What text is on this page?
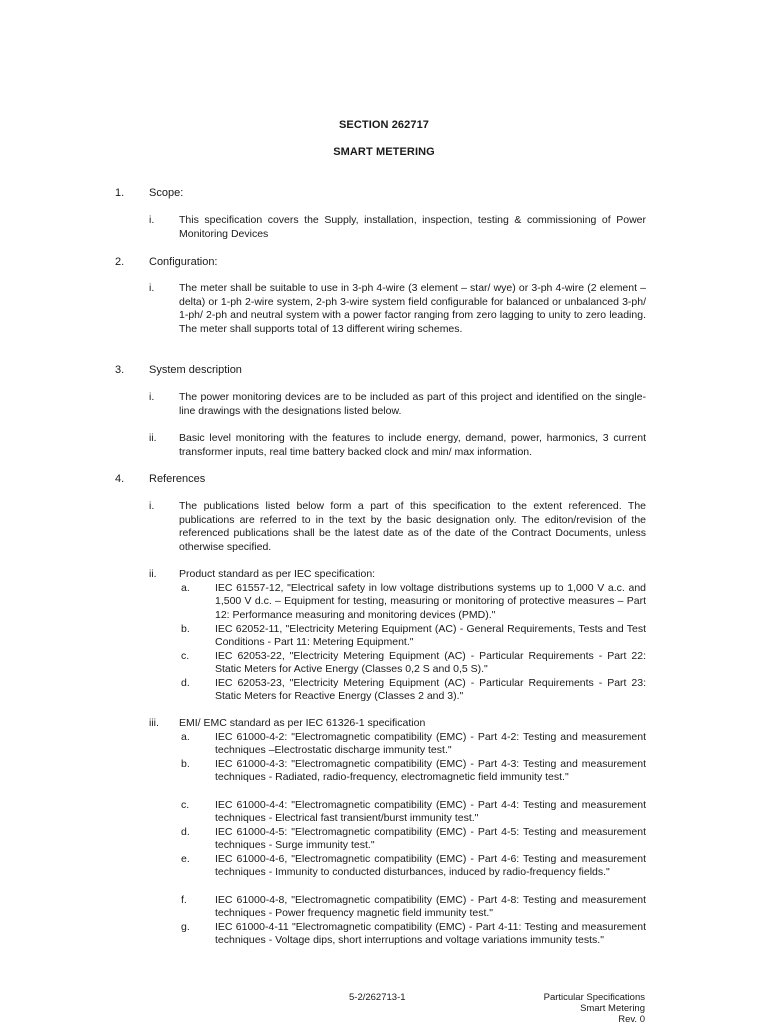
SECTION 262717
SMART METERING
1. Scope:
i. This specification covers the Supply, installation, inspection, testing & commissioning of Power Monitoring Devices
2. Configuration:
i. The meter shall be suitable to use in 3-ph 4-wire (3 element – star/ wye) or 3-ph 4-wire (2 element – delta) or 1-ph 2-wire system, 2-ph 3-wire system field configurable for balanced or unbalanced 3-ph/ 1-ph/ 2-ph and neutral system with a power factor ranging from zero lagging to unity to zero leading. The meter shall supports total of 13 different wiring schemes.
3. System description
i. The power monitoring devices are to be included as part of this project and identified on the single-line drawings with the designations listed below.
ii. Basic level monitoring with the features to include energy, demand, power, harmonics, 3 current transformer inputs, real time battery backed clock and min/ max information.
4. References
i. The publications listed below form a part of this specification to the extent referenced. The publications are referred to in the text by the basic designation only. The editon/revision of the referenced publications shall be the latest date as of the date of the Contract Documents, unless otherwise specified.
ii. Product standard as per IEC specification:
a. IEC 61557-12, "Electrical safety in low voltage distributions systems up to 1,000 V a.c. and 1,500 V d.c. – Equipment for testing, measuring or monitoring of protective measures – Part 12: Performance measuring and monitoring devices (PMD)."
b. IEC 62052-11, "Electricity Metering Equipment (AC) - General Requirements, Tests and Test Conditions - Part 11: Metering Equipment."
c. IEC 62053-22, "Electricity Metering Equipment (AC) - Particular Requirements - Part 22: Static Meters for Active Energy (Classes 0,2 S and 0,5 S)."
d. IEC 62053-23, "Electricity Metering Equipment (AC) - Particular Requirements - Part 23: Static Meters for Reactive Energy (Classes 2 and 3)."
iii. EMI/ EMC standard as per IEC 61326-1 specification
a. IEC 61000-4-2: "Electromagnetic compatibility (EMC) - Part 4-2: Testing and measurement techniques –Electrostatic discharge immunity test."
b. IEC 61000-4-3: "Electromagnetic compatibility (EMC) - Part 4-3: Testing and measurement techniques - Radiated, radio-frequency, electromagnetic field immunity test."
c. IEC 61000-4-4: "Electromagnetic compatibility (EMC) - Part 4-4: Testing and measurement techniques - Electrical fast transient/burst immunity test."
d. IEC 61000-4-5: "Electromagnetic compatibility (EMC) - Part 4-5: Testing and measurement techniques - Surge immunity test."
e. IEC 61000-4-6, "Electromagnetic compatibility (EMC) - Part 4-6: Testing and measurement techniques - Immunity to conducted disturbances, induced by radio-frequency fields."
f.	IEC 61000-4-8, "Electromagnetic compatibility (EMC) - Part 4-8: Testing and measurement techniques - Power frequency magnetic field immunity test."
g. IEC 61000-4-11 "Electromagnetic compatibility (EMC) - Part 4-11: Testing and measurement techniques - Voltage dips, short interruptions and voltage variations immunity tests."
5-2/262713-1	Particular Specifications
Smart Metering
Rev. 0
